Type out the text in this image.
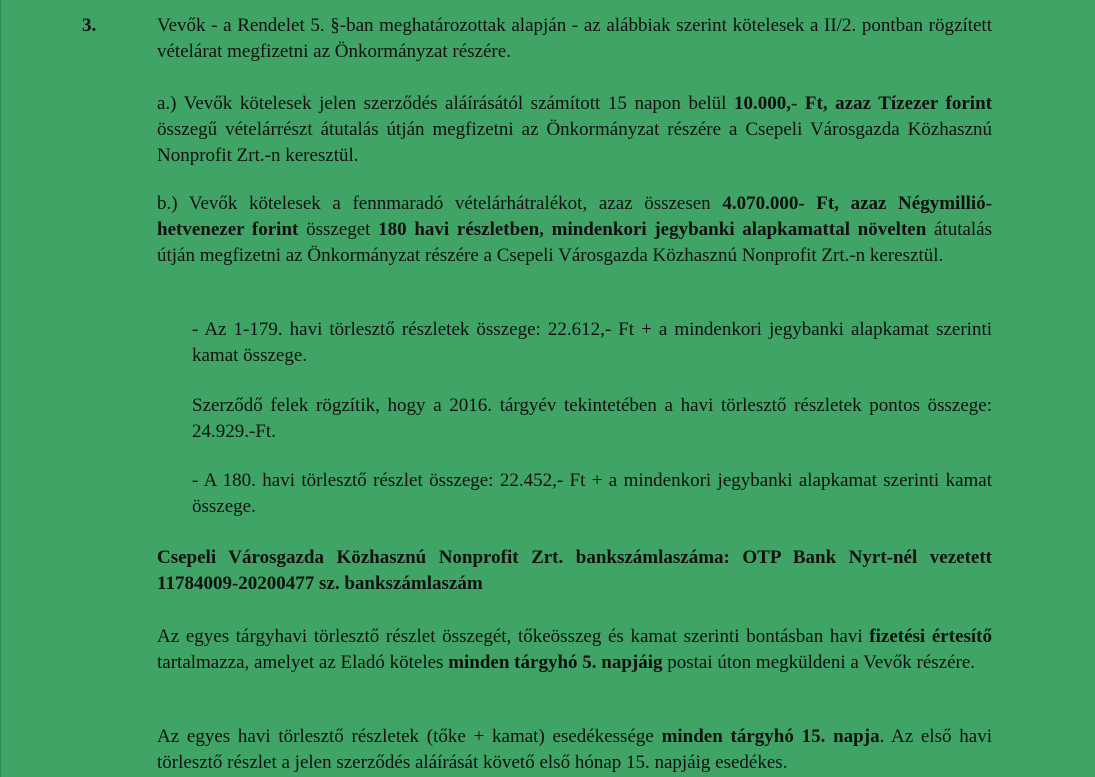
3.	Vevők - a Rendelet 5. §-ban meghatározottak alapján - az alábbiak szerint kötelesek a II/2. pontban rögzített vételárat megfizetni az Önkormányzat részére.

a.) Vevők kötelesek jelen szerződés aláírásától számított 15 napon belül 10.000,- Ft, azaz Tízezer forint összegű vételárrészt átutalás útján megfizetni az Önkormányzat részére a Csepeli Városgazda Közhasznú Nonprofit Zrt.-n keresztül.

b.) Vevők kötelesek a fennmaradó vételárhátralékot, azaz összesen 4.070.000- Ft, azaz Négymillió-hetvenezer forint összeget 180 havi részletben, mindenkori jegybanki alapkamattal növelten átutalás útján megfizetni az Önkormányzat részére a Csepeli Városgazda Közhasznú Nonprofit Zrt.-n keresztül.

- Az 1-179. havi törlesztő részletek összege: 22.612,- Ft + a mindenkori jegybanki alapkamat szerinti kamat összege.

Szerződő felek rögzítik, hogy a 2016. tárgyév tekintetében a havi törlesztő részletek pontos összege: 24.929.-Ft.

- A 180. havi törlesztő részlet összege: 22.452,- Ft + a mindenkori jegybanki alapkamat szerinti kamat összege.

Csepeli Városgazda Közhasznú Nonprofit Zrt. bankszámlaszáma: OTP Bank Nyrt-nél vezetett 11784009-20200477 sz. bankszámlaszám

Az egyes tárgyhavi törlesztő részlet összegét, tőkeösszeg és kamat szerinti bontásban havi fizetési értesítő tartalmazza, amelyet az Eladó köteles minden tárgyhó 5. napjáig postai úton megküldeni a Vevők részére.

Az egyes havi törlesztő részletek (tőke + kamat) esedékessége minden tárgyhó 15. napja. Az első havi törlesztő részlet a jelen szerződés aláírását követő első hónap 15. napjáig esedékes.
